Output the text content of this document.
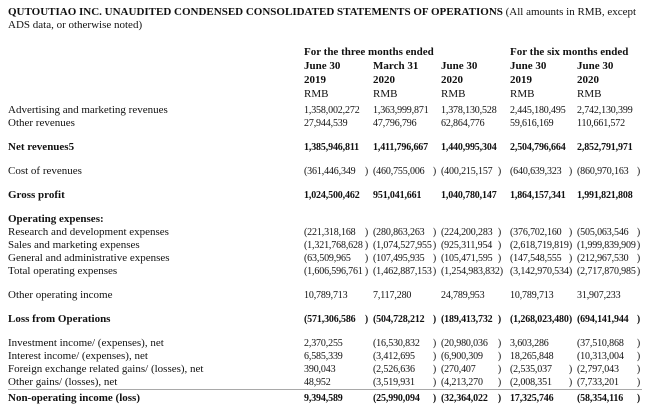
QUTOUTIAO INC. UNAUDITED CONDENSED CONSOLIDATED STATEMENTS OF OPERATIONS (All amounts in RMB, except ADS data, or otherwise noted)

For the three months ended	For the six months ended
June 30	March 31	June 30	June 30	June 30
2019	2020	2020	2019	2020
RMB	RMB	RMB	RMB	RMB
Advertising and marketing revenues	1,358,002,272 1,363,999,871 1,378,130,528 2,445,180,495 2,742,130,399
Other revenues	27,944,539	47,796,796 62,864,776	59,616,169 110,661,572
Net revenues5	1,385,946,811 1,411,796,667 1,440,995,304 2,504,796,664 2,852,791,971
Cost of revenues	(361,446,349 ) (460,755,006 ) (400,215,157 ) (640,639,323 ) (860,970,163 )
Gross profit	1,024,500,462 951,041,661 1,040,780,147 1,864,157,341 1,991,821,808
Operating expenses:
Research and development expenses	(221,318,168 ) (280,863,263 ) (224,200,283 ) (376,702,160 ) (505,063,546 )
Sales and marketing expenses	(1,321,768,628 ) (1,074,527,955 ) (925,311,954 ) (2,618,719,819 ) (1,999,839,909 )
General and administrative expenses	(63,509,965 ) (107,495,935 ) (105,471,595 ) (147,548,555 ) (212,967,530 )
Total operating expenses	(1,606,596,761 ) (1,462,887,153 ) (1,254,983,832 ) (3,142,970,534 ) (2,717,870,985 )
Other operating income	10,789,713	7,117,280	24,789,953	10,789,713 31,907,233
Loss from Operations	(571,306,586 ) (504,728,212 ) (189,413,732 ) (1,268,023,480 ) (694,141,944 )
Investment income/ (expenses), net	2,370,255	(16,530,832 ) (20,980,036 ) 3,603,286	(37,510,868 )
Interest income/ (expenses), net	6,585,339	(3,412,695 ) (6,900,309 ) 18,265,848 (10,313,004 )
Foreign exchange related gains/ (losses), net	390,043	(2,526,636 ) (270,407 ) (2,535,037 ) (2,797,043 )
Other gains/ (losses), net	48,952	(3,519,931 ) (4,213,270 ) (2,008,351 ) (7,733,201 )
Non-operating income (loss)	9,394,589	(25,990,094 ) (32,364,022 ) 17,325,746 (58,354,116 )
